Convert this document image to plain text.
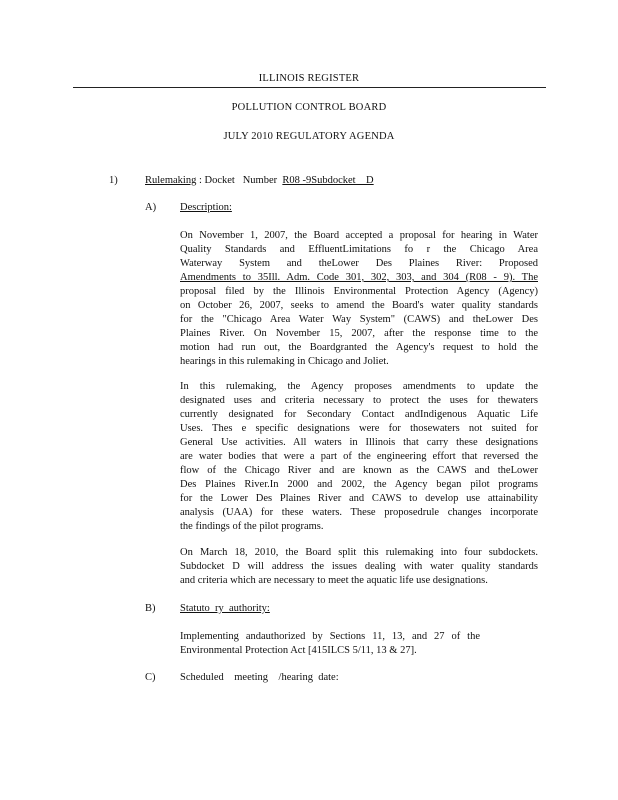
ILLINOIS REGISTER
POLLUTION CONTROL BOARD
JULY 2010 REGULATORY AGENDA
1)	Rulemaking : Docket   Number  R08 -9Subdocket    D
A) Description:
On November 1, 2007, the Board accepted a proposal for hearing in Water
Quality Standards and EffluentLimitations fo r the Chicago Area
Waterway System and theLower Des Plaines River: Proposed
Amendments to 35Ill. Adm. Code 301, 302, 303, and 304 (R08 - 9). The
proposal filed by the Illinois Environmental Protection Agency (Agency)
on October 26, 2007, seeks to amend the Board's water quality standards
for the "Chicago Area Water Way System" (CAWS) and theLower Des
Plaines River. On November 15, 2007, after the response time to the
motion had run out, the Boardgranted the Agency's request to hold the
hearings in this rulemaking in Chicago and Joliet.
In this rulemaking, the Agency proposes amendments to update the
designated uses and criteria necessary to protect the uses for thewaters
currently designated for Secondary Contact andIndigenous Aquatic Life
Uses. Thes e specific designations were for thosewaters not suited for
General Use activities. All waters in Illinois that carry these designations
are water bodies that were a part of the engineering effort that reversed the
flow of the Chicago River and are known as the CAWS and theLower
Des Plaines River.In 2000 and 2002, the Agency began pilot programs
for the Lower Des Plaines River and CAWS to develop use attainability
analysis (UAA) for these waters. These proposedrule changes incorporate
the findings of the pilot programs.
On March 18, 2010, the Board split this rulemaking into four subdockets.
Subdocket D will address the issues dealing with water quality standards
and criteria which are necessary to meet the aquatic life use designations.
B) Statuto  ry  authority:
Implementing andauthorized by Sections 11, 13, and 27 of the
Environmental Protection Act [415ILCS 5/11, 13 & 27].
C) Scheduled    meeting    /hearing  date:
